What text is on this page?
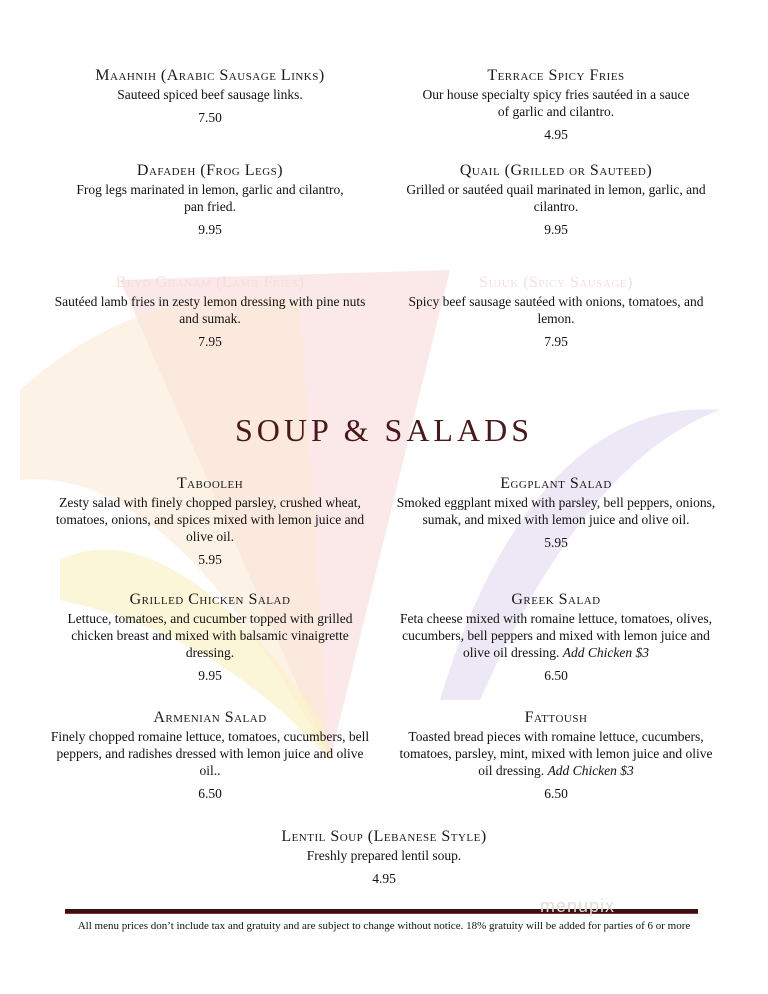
Maahnih (Arabic Sausage Links)
Sauteed spiced beef sausage links.
7.50
Terrace Spicy Fries
Our house specialty spicy fries sautéed in a sauce of garlic and cilantro.
4.95
Dafadeh (Frog Legs)
Frog legs marinated in lemon, garlic and cilantro, pan fried.
9.95
Quail (Grilled or Sauteed)
Grilled or sautéed quail marinated in lemon, garlic, and cilantro.
9.95
Beyd Ghanam (Lamb Fries)
Sautéed lamb fries in zesty lemon dressing with pine nuts and sumak.
7.95
Sujuk (Spicy Sausage)
Spicy beef sausage sautéed with onions, tomatoes, and lemon.
7.95
SOUP & SALADS
Tabooleh
Zesty salad with finely chopped parsley, crushed wheat, tomatoes, onions, and spices mixed with lemon juice and olive oil.
5.95
Eggplant Salad
Smoked eggplant mixed with parsley, bell peppers, onions, sumak, and mixed with lemon juice and olive oil.
5.95
Grilled Chicken Salad
Lettuce, tomatoes, and cucumber topped with grilled chicken breast and mixed with balsamic vinaigrette dressing.
9.95
Greek Salad
Feta cheese mixed with romaine lettuce, tomatoes, olives, cucumbers, bell peppers and mixed with lemon juice and olive oil dressing. Add Chicken $3
6.50
Armenian Salad
Finely chopped romaine lettuce, tomatoes, cucumbers, bell peppers, and radishes dressed with lemon juice and olive oil..
6.50
Fattoush
Toasted bread pieces with romaine lettuce, cucumbers, tomatoes, parsley, mint, mixed with lemon juice and olive oil dressing. Add Chicken $3
6.50
Lentil Soup (Lebanese Style)
Freshly prepared lentil soup.
4.95
menupix
All menu prices don’t include tax and gratuity and are subject to change without notice. 18% gratuity will be added for parties of 6 or more
